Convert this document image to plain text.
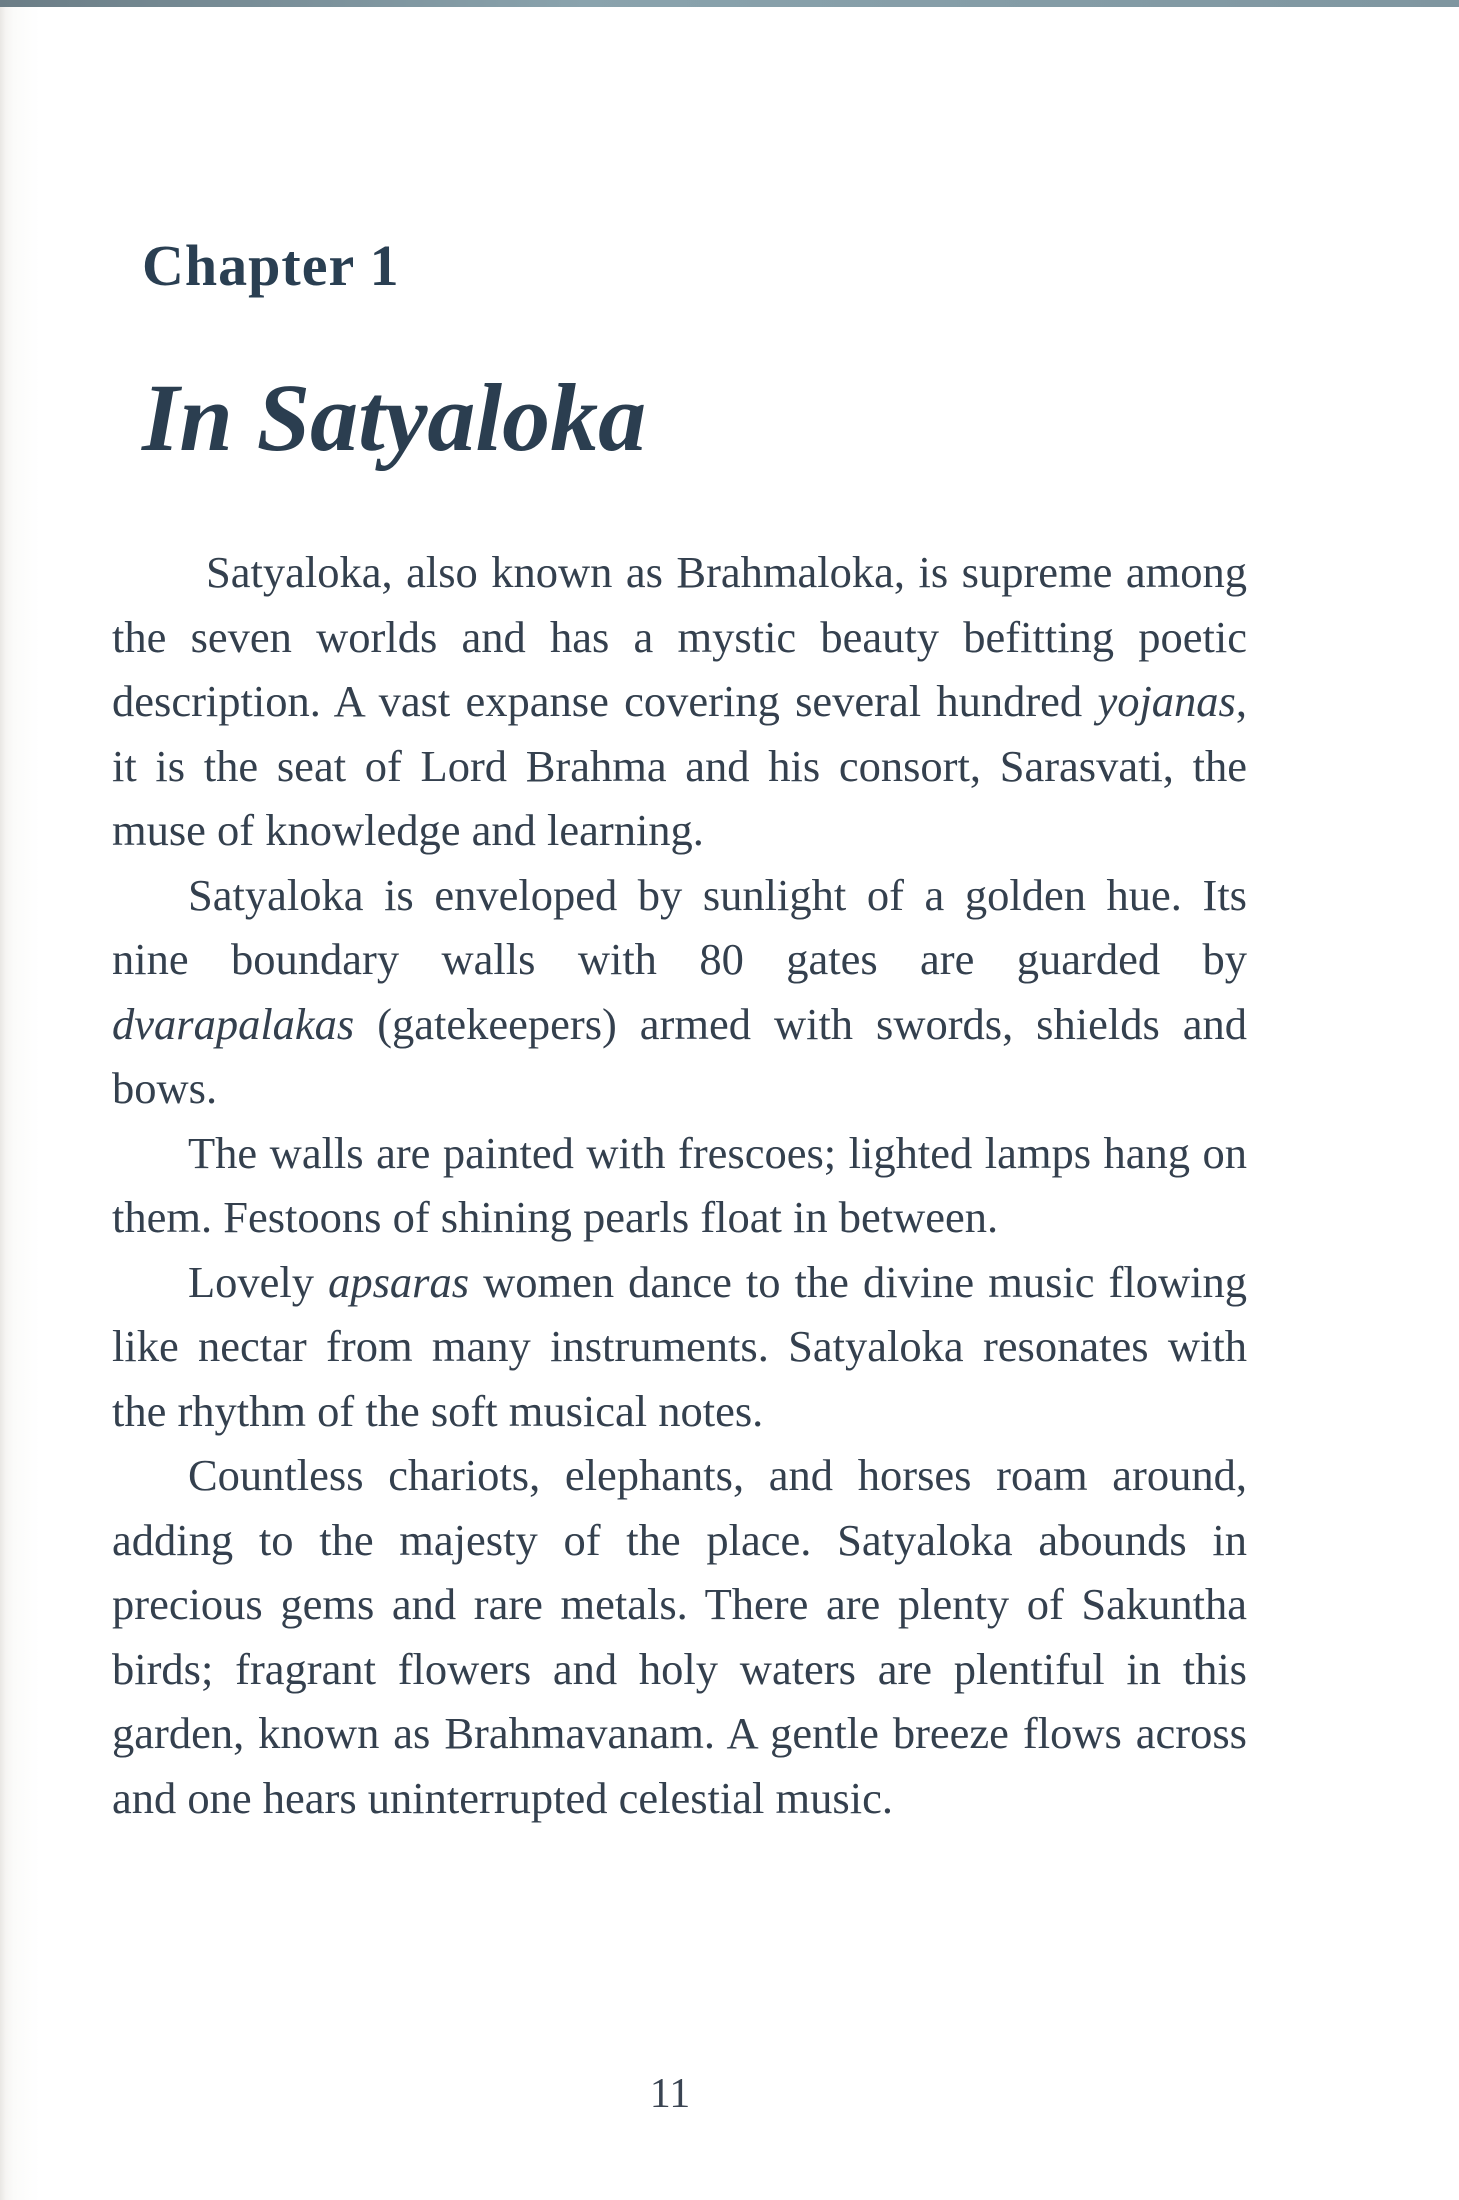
Chapter 1
In Satyaloka

Satyaloka, also known as Brahmaloka, is supreme among the seven worlds and has a mystic beauty befitting poetic description. A vast expanse covering several hundred yojanas, it is the seat of Lord Brahma and his consort, Sarasvati, the muse of knowledge and learning.

Satyaloka is enveloped by sunlight of a golden hue. Its nine boundary walls with 80 gates are guarded by dvarapalakas (gatekeepers) armed with swords, shields and bows.

The walls are painted with frescoes; lighted lamps hang on them. Festoons of shining pearls float in between.

Lovely apsaras women dance to the divine music flowing like nectar from many instruments. Satyaloka resonates with the rhythm of the soft musical notes.

Countless chariots, elephants, and horses roam around, adding to the majesty of the place. Satyaloka abounds in precious gems and rare metals. There are plenty of Sakuntha birds; fragrant flowers and holy waters are plentiful in this garden, known as Brahmavanam. A gentle breeze flows across and one hears uninterrupted celestial music.

11
